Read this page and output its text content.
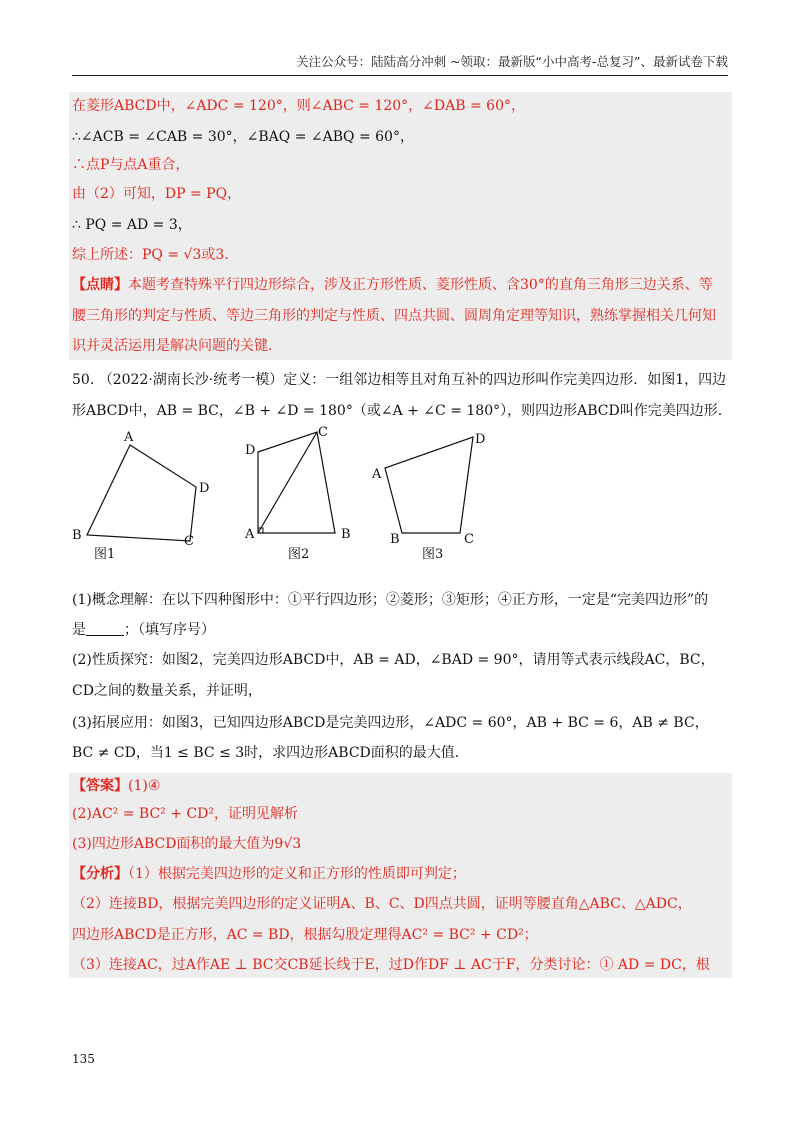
关注公众号：陆陆高分冲刺 ~领取：最新版“小中高考-总复习”、最新试卷下载
在菱形ABCD中，∠ADC = 120°，则∠ABC = 120°，∠DAB = 60°，
∴∠ACB = ∠CAB = 30°，∠BAQ = ∠ABQ = 60°，
∴点P与点A重合，
由（2）可知，DP = PQ，
∴ PQ = AD = 3，
综上所述：PQ = √3或3.
【点睛】本题考查特殊平行四边形综合，涉及正方形性质、菱形性质、含30°的直角三角形三边关系、等
腰三角形的判定与性质、等边三角形的判定与性质、四点共圆、圆周角定理等知识，熟练掌握相关几何知
识并灵活运用是解决问题的关键.
50. （2022·湖南长沙·统考一模）定义：一组邻边相等且对角互补的四边形叫作完美四边形．如图1，四边
形ABCD中，AB = BC，∠B + ∠D = 180°（或∠A + ∠C = 180°），则四边形ABCD叫作完美四边形.
A
B	C
D
图1
D
C
A	B
图2
A
B	C
D
图3
(1)概念理解：在以下四种图形中：①平行四边形；②菱形；③矩形；④正方形，一定是“完美四边形”的
是	；（填写序号）
(2)性质探究：如图2，完美四边形ABCD中，AB = AD，∠BAD = 90°，请用等式表示线段AC，BC，
CD之间的数量关系，并证明，
(3)拓展应用：如图3，已知四边形ABCD是完美四边形，∠ADC = 60°，AB + BC = 6，AB ≠ BC，
BC ≠ CD，当1 ≤ BC ≤ 3时，求四边形ABCD面积的最大值.
【答案】(1)④
(2)AC² = BC² + CD²，证明见解析
(3)四边形ABCD面积的最大值为9√3
【分析】（1）根据完美四边形的定义和正方形的性质即可判定；
（2）连接BD，根据完美四边形的定义证明A、B、C、D四点共圆，证明等腰直角△ABC、△ADC，
四边形ABCD是正方形，AC = BD，根据勾股定理得AC² = BC² + CD²；
（3）连接AC，过A作AE ⊥ BC交CB延长线于E，过D作DF ⊥ AC于F，分类讨论：① AD = DC，根
135
